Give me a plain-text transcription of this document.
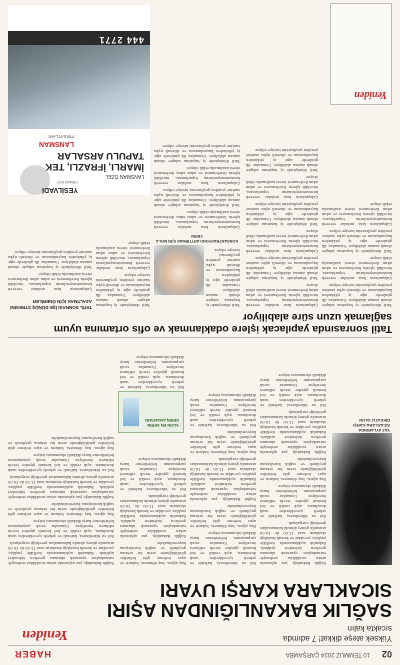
02
10 TEMMUZ 2024 ÇARŞAMBA
HABER
Yüksek ateşe dikkat! 7 adımda sıcakta kalın
Yeniden
SAĞLIK BAKANLIĞINDAN AŞIRI SICAKLARA KARŞI UYARI
YAZ AYLARINDA SICAKLARA KARŞI DİKKATLİ OLUN

Sağlık Bakanlığı, yaz aylarında artan sıcaklıklar nedeniyle vatandaşları uyararak alınması gereken önlemleri açıkladı. Bakanlık açıklamasında özellikle yaşlılar, çocuklar ve kronik hastalığı olanların saat 11.00 ile 16.00 arasında güneş altında kalmamaları gerektiği vurgulandı.

Bol su tüketilmesi, kafeinli ve şekerli içeceklerden uzak durulması, açık renkli ve bol kesimli giysiler tercih edilmesi öneriliyor. Uzmanlar sıcak çarpmasının belirtilerine karşı dikkatli olunmasını istiyor.

Baş ağrısı, baş dönmesi, bulantı ve aşırı terleme gibi belirtiler görüldüğünde serin bir ortama geçilmeli ve sağlık kuruluşuna başvurulmalıdır.

Sağlık Bakanlığı, yaz aylarında artan sıcaklıklar nedeniyle vatandaşları uyararak alınması gereken önlemleri açıkladı. Bakanlık açıklamasında özellikle yaşlılar, çocuklar ve kronik hastalığı olanların saat 11.00 ile 16.00 arasında güneş altında kalmamaları gerektiği vurgulandı.

Bol su tüketilmesi, kafeinli ve şekerli içeceklerden uzak durulması, açık renkli ve bol kesimli giysiler tercih edilmesi öneriliyor. Uzmanlar sıcak çarpmasının belirtilerine karşı dikkatli olunmasını istiyor.

Bol su tüketilmesi, kafeinli ve şekerli içeceklerden uzak durulması, açık renkli ve bol kesimli giysiler tercih edilmesi öneriliyor. Uzmanlar sıcak çarpmasının belirtilerine karşı dikkatli olunmasını istiyor.

Baş ağrısı, baş dönmesi, bulantı ve aşırı terleme gibi belirtiler görüldüğünde serin bir ortama geçilmeli ve sağlık kuruluşuna başvurulmalıdır.

Sağlık Bakanlığı, yaz aylarında artan sıcaklıklar nedeniyle vatandaşları uyararak alınması gereken önlemleri açıkladı. Bakanlık açıklamasında özellikle yaşlılar, çocuklar ve kronik hastalığı olanların saat 11.00 ile 16.00 arasında güneş altında kalmamaları gerektiği vurgulandı.

Baş ağrısı, baş dönmesi, bulantı ve aşırı terleme gibi belirtiler görüldüğünde serin bir ortama geçilmeli ve sağlık kuruluşuna başvurulmalıdır.

Bol su tüketilmesi, kafeinli ve şekerli içeceklerden uzak durulması, açık renkli ve bol kesimli giysiler tercih edilmesi öneriliyor. Uzmanlar sıcak çarpmasının belirtilerine karşı dikkatli olunmasını istiyor.

Baş ağrısı, baş dönmesi, bulantı ve aşırı terleme gibi belirtiler görüldüğünde serin bir ortama geçilmeli ve sağlık kuruluşuna başvurulmalıdır.

Sağlık Bakanlığı, yaz aylarında artan sıcaklıklar nedeniyle vatandaşları uyararak alınması gereken önlemleri açıkladı. Bakanlık açıklamasında özellikle yaşlılar, çocuklar ve kronik hastalığı olanların saat 11.00 ile 16.00 arasında güneş altında kalmamaları gerektiği vurgulandı.

Bol su tüketilmesi, kafeinli ve şekerli içeceklerden uzak durulması, açık renkli ve bol kesimli giysiler tercih edilmesi öneriliyor. Uzmanlar sıcak çarpmasının belirtilerine karşı dikkatli olunmasını istiyor.

YAZIN EN SERİN SERİN ANAHTARI

Bol su tüketilmesi, kafeinli ve şekerli içeceklerden uzak durulması, açık renkli ve bol kesimli giysiler tercih edilmesi öneriliyor. Uzmanlar sıcak çarpmasının belirtilerine karşı dikkatli olunmasını istiyor.

Sağlık Bakanlığı, yaz aylarında artan sıcaklıklar nedeniyle vatandaşları uyararak alınması gereken önlemleri açıkladı. Bakanlık açıklamasında özellikle yaşlılar, çocuklar ve kronik hastalığı olanların saat 11.00 ile 16.00 arasında güneş altında kalmamaları gerektiği vurgulandı.

Bol su tüketilmesi, kafeinli ve şekerli içeceklerden uzak durulması, açık renkli ve bol kesimli giysiler tercih edilmesi öneriliyor. Uzmanlar sıcak çarpmasının belirtilerine karşı dikkatli olunmasını istiyor.

Baş ağrısı, baş dönmesi, bulantı ve aşırı terleme gibi belirtiler görüldüğünde serin bir ortama geçilmeli ve sağlık kuruluşuna başvurulmalıdır.

Sağlık Bakanlığı, yaz aylarında artan sıcaklıklar nedeniyle vatandaşları uyararak alınması gereken önlemleri açıkladı. Bakanlık açıklamasında özellikle yaşlılar, çocuklar ve kronik hastalığı olanların saat 11.00 ile 16.00 arasında güneş altında kalmamaları gerektiği vurgulandı.

Bol su tüketilmesi, kafeinli ve şekerli içeceklerden uzak durulması, açık renkli ve bol kesimli giysiler tercih edilmesi öneriliyor. Uzmanlar sıcak çarpmasının belirtilerine karşı dikkatli olunmasını istiyor.

Baş ağrısı, baş dönmesi, bulantı ve aşırı terleme gibi belirtiler görüldüğünde serin bir ortama geçilmeli ve sağlık kuruluşuna başvurulmalıdır.

Tatil sonrasında yapılacak işlere odaklanmak ve ofis ortamına uyum sağlamak uzun süre alabiliyor

Tatil dönüşünde iş hayatına adapte olmak zaman alabiliyor. Uzmanlar, ilk günlerde ağır iş yükünden kaçınılmasını ve düzenli uyku saatine yeniden geçilmesini tavsiye ediyor.

Çalışanların kısa molalar vererek konsantrasyonlarını toparlaması, öncelikli işlerin listelenmesi ve adım adım ilerlenmesi stresi azaltmada etkili oluyor.

Tatil dönüşünde iş hayatına adapte olmak zaman alabiliyor. Uzmanlar, ilk günlerde ağır iş yükünden kaçınılmasını ve düzenli uyku saatine yeniden geçilmesini tavsiye ediyor.

Çalışanların kısa molalar vererek konsantrasyonlarını toparlaması, öncelikli işlerin listelenmesi ve adım adım ilerlenmesi stresi azaltmada etkili oluyor.

Çalışanların kısa molalar vererek konsantrasyonlarını toparlaması, öncelikli işlerin listelenmesi ve adım adım ilerlenmesi stresi azaltmada etkili oluyor.

Tatil dönüşünde iş hayatına adapte olmak zaman alabiliyor. Uzmanlar, ilk günlerde ağır iş yükünden kaçınılmasını ve düzenli uyku saatine yeniden geçilmesini tavsiye ediyor.

Çalışanların kısa molalar vererek konsantrasyonlarını toparlaması, öncelikli işlerin listelenmesi ve adım adım ilerlenmesi stresi azaltmada etkili oluyor.

Tatil dönüşünde iş hayatına adapte olmak zaman alabiliyor. Uzmanlar, ilk günlerde ağır iş yükünden kaçınılmasını ve düzenli uyku saatine yeniden geçilmesini tavsiye ediyor.

Çalışanların kısa molalar vererek konsantrasyonlarını toparlaması, öncelikli işlerin listelenmesi ve adım adım ilerlenmesi stresi azaltmada etkili oluyor.

Tatil dönüşünde iş hayatına adapte olmak zaman alabiliyor. Uzmanlar, ilk günlerde ağır iş yükünden kaçınılmasını ve düzenli uyku saatine yeniden geçilmesini tavsiye ediyor.

Tatil dönüşünde iş hayatına adapte olmak zaman alabiliyor. Uzmanlar, ilk günlerde ağır iş yükünden kaçınılmasını ve düzenli uyku saatine yeniden geçilmesini tavsiye ediyor.

KONSANTRASYONU ARTTIRMAK İÇİN MOLA VERİN

Çalışanların kısa molalar vererek konsantrasyonlarını toparlaması, öncelikli işlerin listelenmesi ve adım adım ilerlenmesi stresi azaltmada etkili oluyor.

Tatil dönüşünde iş hayatına adapte olmak zaman alabiliyor. Uzmanlar, ilk günlerde ağır iş yükünden kaçınılmasını ve düzenli uyku saatine yeniden geçilmesini tavsiye ediyor.

Çalışanların kısa molalar vererek konsantrasyonlarını toparlaması, öncelikli işlerin listelenmesi ve adım adım ilerlenmesi stresi azaltmada etkili oluyor.

Tatil dönüşünde iş hayatına adapte olmak zaman alabiliyor. Uzmanlar, ilk günlerde ağır iş yükünden kaçınılmasını ve düzenli uyku saatine yeniden geçilmesini tavsiye ediyor.

Tatil dönüşünde iş hayatına adapte olmak zaman alabiliyor. Uzmanlar, ilk günlerde ağır iş yükünden kaçınılmasını ve düzenli uyku saatine yeniden geçilmesini tavsiye ediyor.

Çalışanların kısa molalar vererek konsantrasyonlarını toparlaması, öncelikli işlerin listelenmesi ve adım adım ilerlenmesi stresi azaltmada etkili oluyor.

TATİL SONRASI İŞE DÖNÜŞ STRESİNİ AZALTMAK İÇİN ÖNERİLER

Çalışanların kısa molalar vererek konsantrasyonlarını toparlaması, öncelikli işlerin listelenmesi ve adım adım ilerlenmesi stresi azaltmada etkili oluyor.

Tatil dönüşünde iş hayatına adapte olmak zaman alabiliyor. Uzmanlar, ilk günlerde ağır iş yükünden kaçınılmasını ve düzenli uyku saatine yeniden geçilmesini tavsiye ediyor.

Yeniden
YESİLVADİ
ORMAN KÖY
LANSMAN ÖZEL
İMARLI, İFRAZLI, TEK TAPULU ARSALAR
LANSMAN
FIRSATLARI
444 2771
